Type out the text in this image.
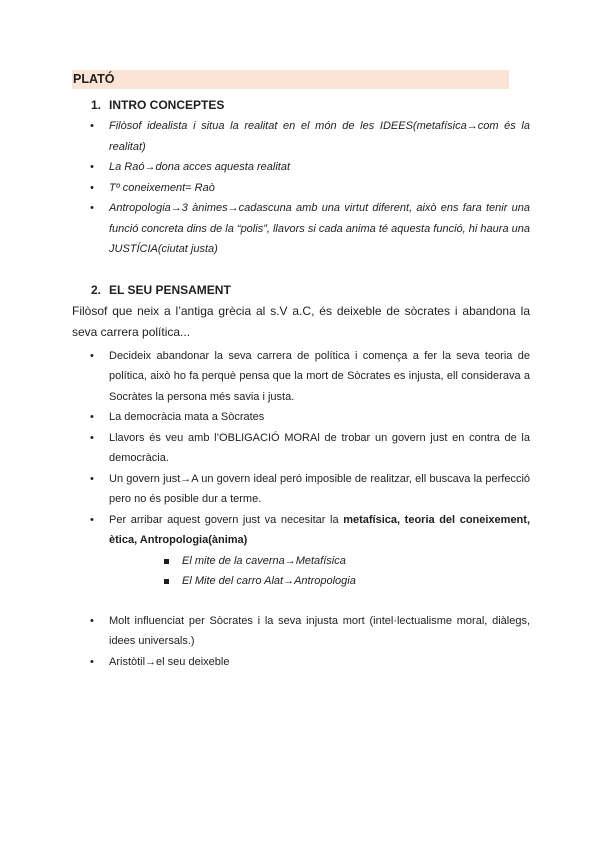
PLATÓ
1. INTRO CONCEPTES
• Filòsof idealista i situa la realitat en el món de les IDEES(metafísica→com és la realitat)
• La Raó→dona acces aquesta realitat
• Tº coneixement= Raò
• Antropologia→3 ànimes→cadascuna amb una virtut diferent, això ens fara tenir una funció concreta dins de la “polis”, llavors si cada anima té aquesta funció, hi haura una JUSTÍCIA(ciutat justa)
2. EL SEU PENSAMENT
Filòsof que neix a l’antiga grècia al s.V a.C, és deixeble de sòcrates i abandona la seva carrera política...
• Decideix abandonar la seva carrera de política i comença a fer la seva teoria de política, això ho fa perquè pensa que la mort de Sòcrates es injusta, ell considerava a Socràtes la persona més savia i justa.
• La democràcia mata a Sòcrates
• Llavors és veu amb l’OBLIGACIÓ MORAl de trobar un govern just en contra de la democràcia.
• Un govern just→A un govern ideal peró imposible de realitzar, ell buscava la perfecció pero no és posible dur a terme.
• Per arribar aquest govern just va necesitar la metafísica, teoria del coneixement, ètica, Antropologia(ànima)
El mite de la caverna→Metafísica
El Mite del carro Alat→Antropologia
• Molt influenciat per Sòcrates i la seva injusta mort (intel·lectualisme moral, diàlegs, idees universals.)
• Aristòtil→el seu deixeble
